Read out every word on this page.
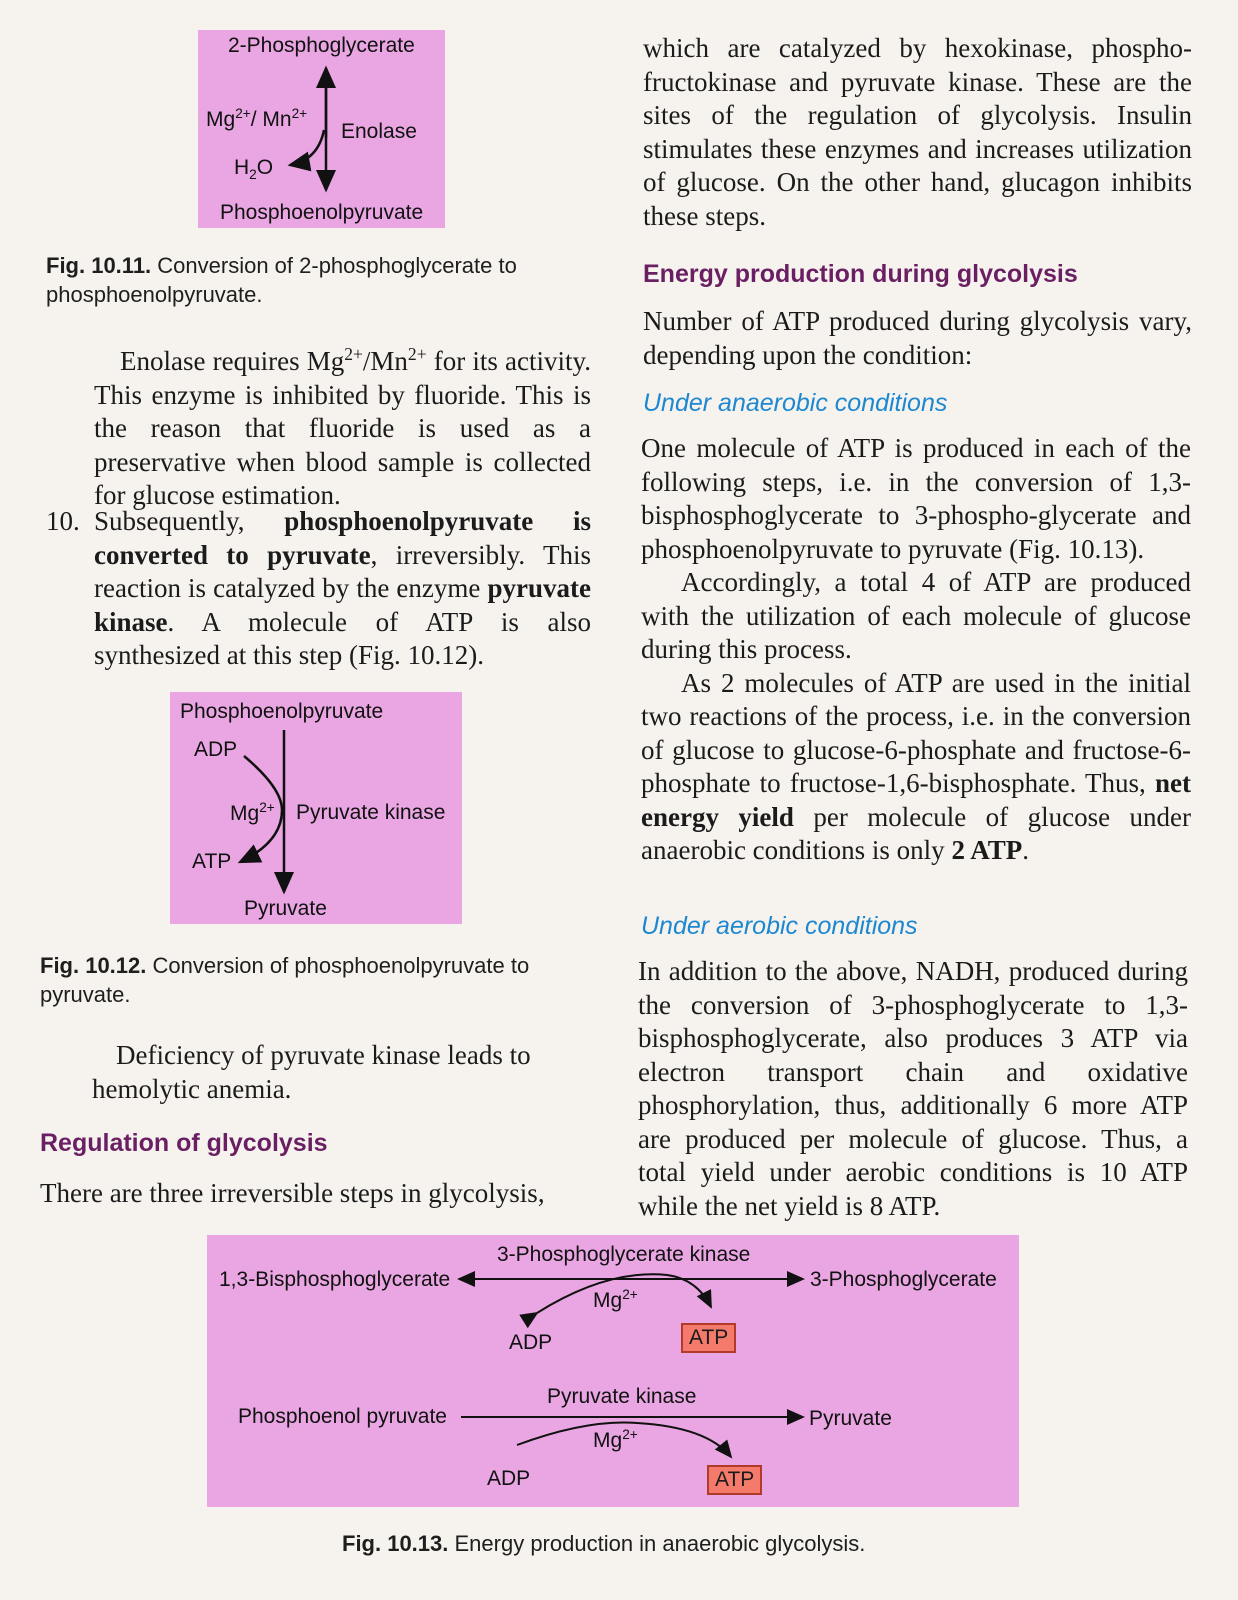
2-Phosphoglycerate
$Mg^{2+}/$ $Mn^{2+}$
Enolase
$H_2O$
Phosphoenolpyruvate
Fig. 10.11. Conversion of 2-phosphoglycerate to phosphoenolpyruvate.

Enolase requires $Mg^{2+}/Mn^{2+}$ for its activity. This enzyme is inhibited by fluoride. This is the reason that fluoride is used as a preservative when blood sample is collected for glucose estimation.

10. Subsequently, phosphoenolpyruvate is converted to pyruvate, irreversibly. This reaction is catalyzed by the enzyme pyruvate kinase. A molecule of ATP is also synthesized at this step (Fig. 10.12).

Phosphoenolpyruvate
ADP
$Mg^{2+}$ Pyruvate kinase
ATP
Pyruvate
Fig. 10.12. Conversion of phosphoenolpyruvate to pyruvate.

Deficiency of pyruvate kinase leads to hemolytic anemia.

Regulation of glycolysis

There are three irreversible steps in glycolysis,

which are catalyzed by hexokinase, phospho-fructokinase and pyruvate kinase. These are the sites of the regulation of glycolysis. Insulin stimulates these enzymes and increases utilization of glucose. On the other hand, glucagon inhibits these steps.

Energy production during glycolysis

Number of ATP produced during glycolysis vary, depending upon the condition:

Under anaerobic conditions

One molecule of ATP is produced in each of the following steps, i.e. in the conversion of 1,3-bisphosphoglycerate to 3-phospho-glycerate and phosphoenolpyruvate to pyruvate (Fig. 10.13).

Accordingly, a total 4 of ATP are produced with the utilization of each molecule of glucose during this process.

As 2 molecules of ATP are used in the initial two reactions of the process, i.e. in the conversion of glucose to glucose-6-phosphate and fructose-6-phosphate to fructose-1,6-bisphosphate. Thus, net energy yield per molecule of glucose under anaerobic conditions is only 2 ATP.

Under aerobic conditions

In addition to the above, NADH, produced during the conversion of 3-phosphoglycerate to 1,3-bisphosphoglycerate, also produces 3 ATP via electron transport chain and oxidative phosphorylation, thus, additionally 6 more ATP are produced per molecule of glucose. Thus, a total yield under aerobic conditions is 10 ATP while the net yield is 8 ATP.

3-Phosphoglycerate kinase
1,3-Bisphosphoglycerate	3-Phosphoglycerate
$Mg^{2+}$
ADP	ATP
Pyruvate kinase
Phosphoenol pyruvate	Pyruvate
$Mg^{2+}$
ADP	ATP
Fig. 10.13. Energy production in anaerobic glycolysis.
